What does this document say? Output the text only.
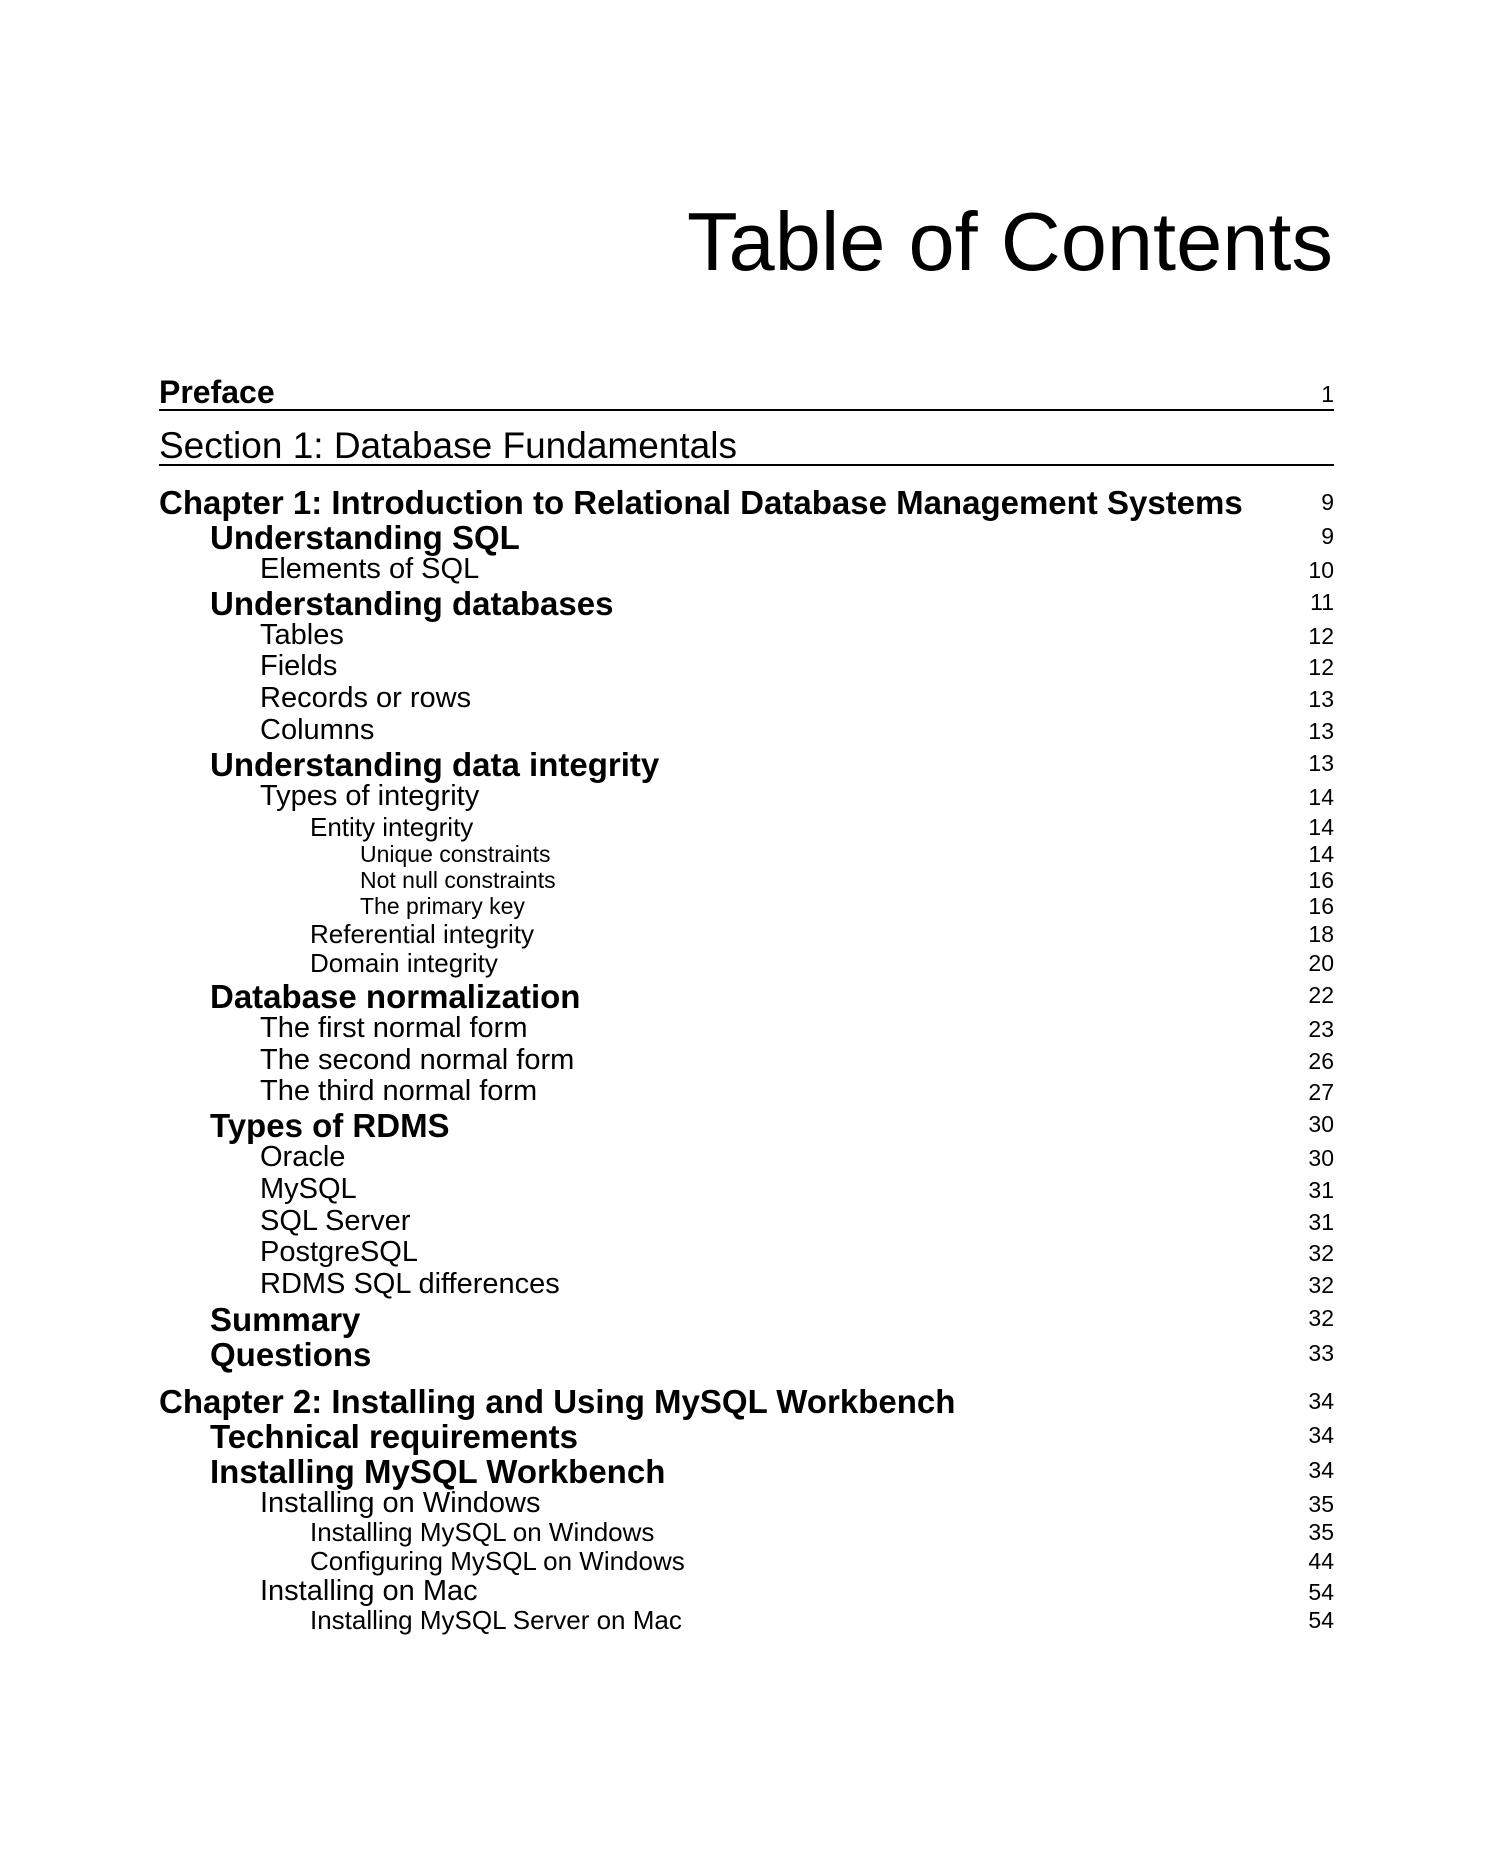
Table of Contents
Preface	1
Section 1: Database Fundamentals
Chapter 1: Introduction to Relational Database Management Systems	9
Understanding SQL	9
Elements of SQL	10
Understanding databases	11
Tables	12
Fields	12
Records or rows	13
Columns	13
Understanding data integrity	13
Types of integrity	14
Entity integrity	14
Unique constraints	14
Not null constraints	16
The primary key	16
Referential integrity	18
Domain integrity	20
Database normalization	22
The first normal form	23
The second normal form	26
The third normal form	27
Types of RDMS	30
Oracle	30
MySQL	31
SQL Server	31
PostgreSQL	32
RDMS SQL differences	32
Summary	32
Questions	33
Chapter 2: Installing and Using MySQL Workbench	34
Technical requirements	34
Installing MySQL Workbench	34
Installing on Windows	35
Installing MySQL on Windows	35
Configuring MySQL on Windows	44
Installing on Mac	54
Installing MySQL Server on Mac	54
